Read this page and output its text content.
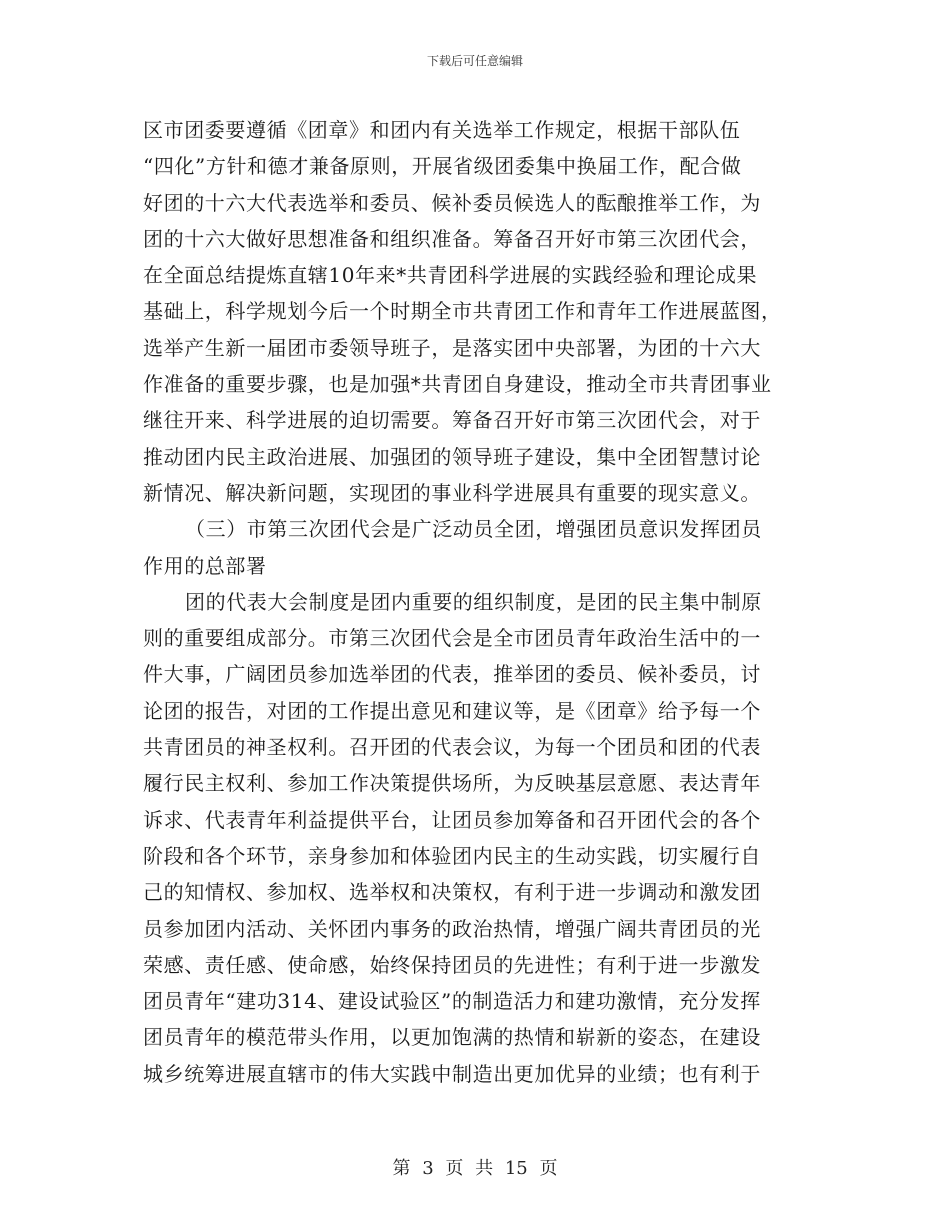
下载后可任意编辑
区市团委要遵循《团章》和团内有关选举工作规定，根据干部队伍
“四化”方针和德才兼备原则，开展省级团委集中换届工作，配合做
好团的十六大代表选举和委员、候补委员候选人的酝酿推举工作，为
团的十六大做好思想准备和组织准备。筹备召开好市第三次团代会，
在全面总结提炼直辖10年来*共青团科学进展的实践经验和理论成果
基础上，科学规划今后一个时期全市共青团工作和青年工作进展蓝图，
选举产生新一届团市委领导班子，是落实团中央部署，为团的十六大
作准备的重要步骤，也是加强*共青团自身建设，推动全市共青团事业
继往开来、科学进展的迫切需要。筹备召开好市第三次团代会，对于
推动团内民主政治进展、加强团的领导班子建设，集中全团智慧讨论
新情况、解决新问题，实现团的事业科学进展具有重要的现实意义。
（三）市第三次团代会是广泛动员全团，增强团员意识发挥团员
作用的总部署
团的代表大会制度是团内重要的组织制度，是团的民主集中制原
则的重要组成部分。市第三次团代会是全市团员青年政治生活中的一
件大事，广阔团员参加选举团的代表，推举团的委员、候补委员，讨
论团的报告，对团的工作提出意见和建议等，是《团章》给予每一个
共青团员的神圣权利。召开团的代表会议，为每一个团员和团的代表
履行民主权利、参加工作决策提供场所，为反映基层意愿、表达青年
诉求、代表青年利益提供平台，让团员参加筹备和召开团代会的各个
阶段和各个环节，亲身参加和体验团内民主的生动实践，切实履行自
己的知情权、参加权、选举权和决策权，有利于进一步调动和激发团
员参加团内活动、关怀团内事务的政治热情，增强广阔共青团员的光
荣感、责任感、使命感，始终保持团员的先进性；有利于进一步激发
团员青年“建功314、建设试验区”的制造活力和建功激情，充分发挥
团员青年的模范带头作用，以更加饱满的热情和崭新的姿态，在建设
城乡统筹进展直辖市的伟大实践中制造出更加优异的业绩；也有利于
第 3 页 共 15 页
